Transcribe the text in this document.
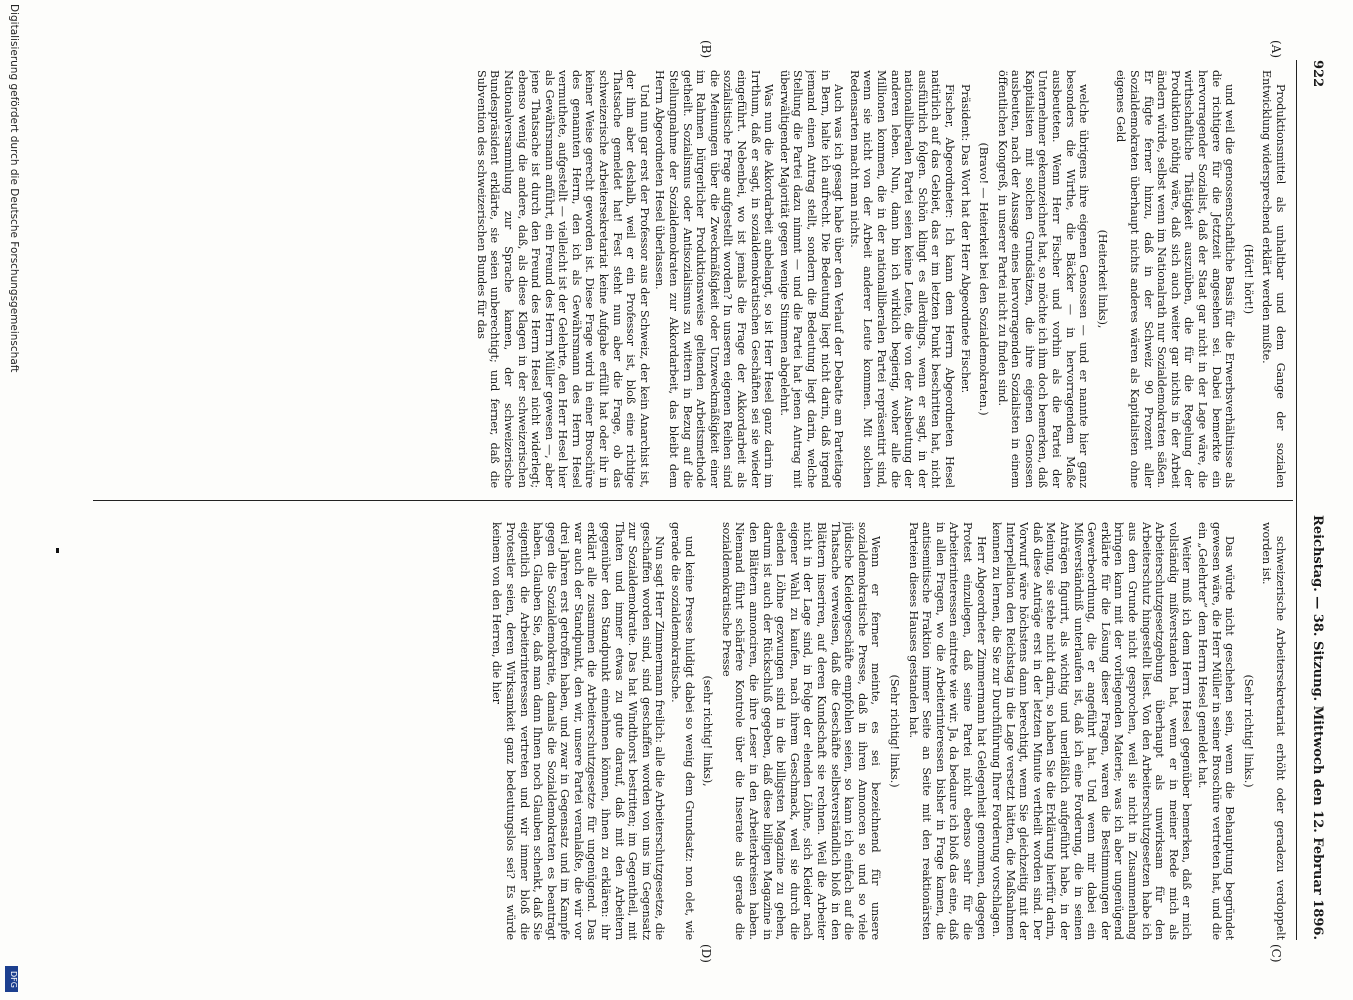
922
Reichstag. — 38. Sitzung. Mittwoch den 12. Februar 1896.
(A)
(B)
(C)
(D)

Produktionsmittel als unhaltbar und dem Gange der sozialen Entwicklung widersprechend erklärt werden mußte.

(Hört! hört!)

und weil die genossenschaftliche Basis für die Erwerbsverhältnisse als die richtigere für die Jetztzeit angesehen sei. Dabei bemerkte ein hervorragender Sozialist, daß der Staat gar nicht in der Lage wäre, die wirthschaftliche Thätigkeit auszuüben, die für die Regelung der Produktion nöthig wäre, daß sich auch weiter gar nichts in der Arbeit ändern würde, selbst wenn im Nationalrath nur Sozialdemokraten säßen. Er fügte ferner hinzu, daß in der Schweiz 90 Prozent aller Sozialdemokraten überhaupt nichts anderes wären als Kapitalisten ohne eigenes Geld

(Heiterkeit links),

welche übrigens ihre eigenen Genossen — und er nannte hier ganz besonders die Wirthe, die Bäcker — in hervorragendem Maße ausbeuteten. Wenn Herr Fischer und vorhin als die Partei der Unternehmer gekennzeichnet hat, so möchte ich ihm doch bemerken, daß Kapitalisten mit solchen Grundsätzen, die ihre eigenen Genossen ausbeuten, nach der Aussage eines hervorragenden Sozialisten in einem öffentlichen Kongreß, in unserer Partei nicht zu finden sind.

(Bravo! — Heiterkeit bei den Sozialdemokraten.)

Präsident: Das Wort hat der Herr Abgeordnete Fischer.

Fischer, Abgeordneter: Ich kann dem Herrn Abgeordneten Hesel natürlich auf das Gebiet, das er im letzten Punkt beschritten hat, nicht ausführlich folgen. Schön klingt es allerdings, wenn er sagt, in der nationalliberalen Partei seien keine Leute, die von der Ausbeutung der anderen leben. Nun, dann bin ich wirklich begierig, woher alle die Millionen kommen, die in der nationalliberalen Partei repräsentirt sind, wenn sie nicht von der Arbeit anderer Leute kommen. Mit solchen Redensarten macht man nichts.

Auch was ich gesagt habe über den Verlauf der Debatte am Parteitage in Bern, halte ich aufrecht. Die Bedeutung liegt nicht darin, daß irgend jemand einen Antrag stellt, sondern die Bedeutung liegt darin, welche Stellung die Partei dazu nimmt — und die Partei hat jenen Antrag mit überwältigender Majorität gegen wenige Stimmen abgelehnt.

Was nun die Akkordarbeit anbelangt, so ist Herr Hesel ganz darin im Irrthum, daß er sagt, in sozialdemokratischen Geschäften sei sie wieder eingeführt. Nebenbei, wo ist jemals die Frage der Akkordarbeit als sozialistische Frage aufgestellt worden? In unseren eigenen Reihen sind die Meinungen über die Zweckmäßigkeit oder Unzweckmäßigkeit einer im Rahmen bürgerlicher Produktionsweise geltenden Arbeitsmethode getheilt. Sozialismus oder Antisozialismus zu wittern in Bezug auf die Stellungnahme der Sozialdemokraten zur Akkordarbeit, das bleibt dem Herrn Abgeordneten Hesel überlassen.

Und nun gar erst der Professor aus der Schweiz, der kein Anarchist ist, der ihm aber deshalb, weil er ein Professor ist, bloß eine richtige Thatsache gemeldet hat! Fest steht nun aber die Frage, ob das schweizerische Arbeitersekretariat keine Aufgabe erfüllt hat oder ihr in keiner Weise gerecht geworden ist. Diese Frage wird in einer Broschüre des genannten Herrn, den ich als Gewährsmann des Herrn Hesel vermuthete, aufgestellt — vielleicht ist der Gelehrte, den Herr Hesel hier als Gewährsmann anführt, ein Freund des Herrn Müller gewesen —, aber jene Thatsache ist durch den Freund des Herrn Hesel nicht widerlegt; ebenso wenig die andere, daß, als diese Klagen in der schweizerischen Nationalversammlung zur Sprache kamen, der schweizerische Bundespräsident erklärte, sie seien unberechtigt; und ferner, daß die Subvention des schweizerischen Bundes für das

schweizerische Arbeitersekretariat erhöht oder geradezu verdoppelt worden ist.

(Sehr richtig! links.)

Das würde nicht geschehen sein, wenn die Behauptung begründet gewesen wäre, die Herr Müller in seiner Broschüre vertreten hat, und die ein „Gelehrter“ dem Herrn Hesel gemeldet hat.

Weiter muß ich dem Herrn Hesel gegenüber bemerken, daß er mich vollständig mißverstanden hat, wenn er in meiner Rede mich als Arbeiterschutzgesetzgebung überhaupt als unwirksam für den Arbeiterschutz hingestellt liest. Von den Arbeiterschutzgesetzen habe ich aus dem Grunde nicht gesprochen, weil sie nicht in Zusammenhang bringen kann mit der vorliegenden Materie; was ich aber ungenügend erklärte für die Lösung dieser Fragen, waren die Bestimmungen der Gewerbeordnung, die er angeführt hat. Und wenn mir dabei ein Mißverständniß unterlaufen ist, daß ich eine Forderung, die in seinen Anträgen figurirt, als wichtig und unerläßlich aufgeführt habe, in der Meinung, sie stehe nicht darin, so haben Sie die Erklärung hierfür darin, daß diese Anträge erst in der letzten Minute vertheilt worden sind. Der Vorwurf wäre höchstens dann berechtigt, wenn Sie gleichzeitig mit der Interpellation den Reichstag in die Lage versetzt hätten, die Maßnahmen kennen zu lernen, die Sie zur Durchführung Ihrer Forderung vorschlagen.

Herr Abgeordneter Zimmermann hat Gelegenheit genommen, dagegen Protest einzulegen, daß seine Partei nicht ebenso sehr für die Arbeiterinteressen eintrete wie wir. Ja, da bedaure ich bloß das eine, daß in allen Fragen, wo die Arbeiterinteressen bisher in Frage kamen, die antisemitische Fraktion immer Seite an Seite mit den reaktionärsten Parteien dieses Hauses gestanden hat.

(Sehr richtig! links.)

Wenn er ferner meinte, es sei bezeichnend für unsere sozialdemokratische Presse, daß in ihren Annoncen so und so viele jüdische Kleidergeschäfte empfohlen seien, so kann ich einfach auf die Thatsache verweisen, daß die Geschäfte selbstverständlich bloß in den Blättern inseriren, auf deren Kundschaft sie rechnen. Weil die Arbeiter nicht in der Lage sind, in Folge der elenden Löhne, sich Kleider nach eigener Wahl zu kaufen, nach ihrem Geschmack, weil sie durch die elenden Löhne gezwungen sind in die billigsten Magazine zu gehen, darum ist auch der Rückschluß gegeben, daß diese billigen Magazine in den Blättern annonciren, die ihre Leser in den Arbeiterkreisen haben. Niemand führt schärfere Kontrole über die Inserate als gerade die sozialdemokratische Presse

(sehr richtig! links),

und keine Presse huldigt dabei so wenig dem Grundsatz: non olet, wie gerade die sozialdemokratische.

Nun sagt Herr Zimmermann freilich: alle die Arbeiterschutzgesetze, die geschaffen worden sind, sind geschaffen worden von uns im Gegensatz zur Sozialdemokratie. Das hat Windthorst bestritten; im Gegentheil, mit Thaten und immer etwas zu gute darauf, daß mit den Arbeitern gegenüber den Standpunkt einnehmen können, ihnen zu erklären: ihr erklärt alle zusammen die Arbeiterschutzgesetze für ungenügend. Das war auch der Standpunkt, den wir, unsere Partei veranlaßte, die wir vor drei Jahren erst getroffen haben, und zwar in Gegensatz und im Kampfe gegen die Sozialdemokratie, damals die Sozialdemokraten es beantragt haben. Glauben Sie, daß man dann Ihnen noch Glauben schenkt, daß Sie eigentlich die Arbeiterinteressen vertreten und wir immer bloß die Protestler seien, deren Wirksamkeit ganz bedeutungslos sei? Es würde keinem von den Herren, die hier

Digitalisierung gefördert durch die Deutsche Forschungsgemeinschaft
DFG
